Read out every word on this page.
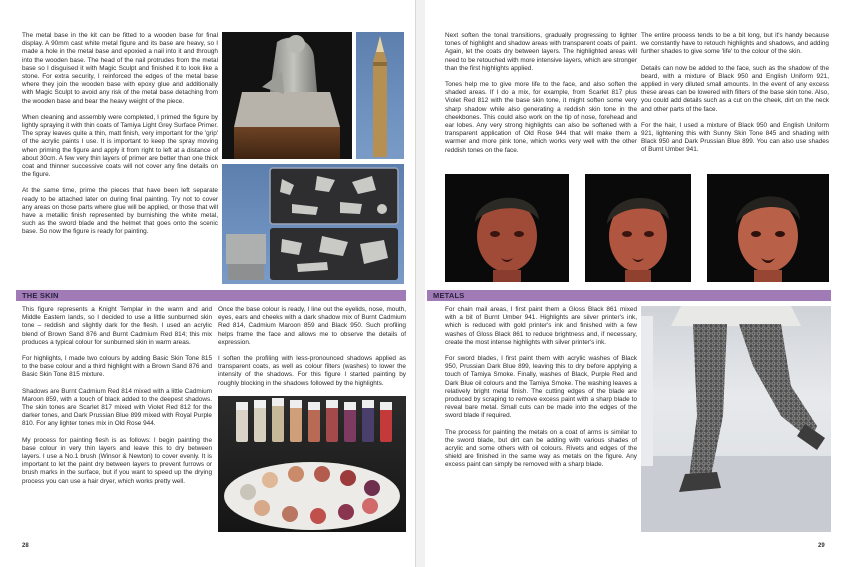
The metal base in the kit can be fitted to a wooden base for final display. A 90mm cast white metal figure and its base are heavy, so I made a hole in the metal base and epoxied a nail into it and through into the wooden base. The head of the nail protrudes from the metal base so I disguised it with Magic Sculpt and finished it to look like a stone. For extra security, I reinforced the edges of the metal base where they join the wooden base with epoxy glue and additionally with Magic Sculpt to avoid any risk of the metal base detaching from the wooden base and bear the heavy weight of the piece.

When cleaning and assembly were completed, I primed the figure by lightly spraying it with thin coats of Tamiya Light Grey Surface Primer. The spray leaves quite a thin, matt finish, very important for the 'grip' of the acrylic paints I use. It is important to keep the spray moving when priming the figure and apply it from right to left at a distance of about 30cm. A few very thin layers of primer are better than one thick coat and thinner successive coats will not cover any fine details on the figure.

At the same time, prime the pieces that have been left separate ready to be attached later on during final painting. Try not to cover any areas on those parts where glue will be applied, or those that will have a metallic finish represented by burnishing the white metal, such as the sword blade and the helmet that goes onto the scenic base. So now the figure is ready for painting.

THE SKIN

This figure represents a Knight Templar in the warm and arid Middle Eastern lands, so I decided to use a little sunburned skin tone – reddish and slightly dark for the flesh. I used an acrylic blend of Brown Sand 876 and Burnt Cadmium Red 814; this mix produces a typical colour for sunburned skin in warm areas.

For highlights, I made two colours by adding Basic Skin Tone 815 to the base colour and a third highlight with a Brown Sand 876 and Basic Skin Tone 815 mixture.

Shadows are Burnt Cadmium Red 814 mixed with a little Cadmium Maroon 859, with a touch of black added to the deepest shadows. The skin tones are Scarlet 817 mixed with Violet Red 812 for the darker tones, and Dark Prussian Blue 899 mixed with Royal Purple 810. For any lighter tones mix in Old Rose 944.

My process for painting flesh is as follows: I begin painting the base colour in very thin layers and leave this to dry between layers. I use a No.1 brush (Winsor & Newton) to cover evenly. It is important to let the paint dry between layers to prevent furrows or brush marks in the surface, but if you want to speed up the drying process you can use a hair dryer, which works pretty well.

Once the base colour is ready, I line out the eyelids, nose, mouth, eyes, ears and cheeks with a dark shadow mix of Burnt Cadmium Red 814, Cadmium Maroon 859 and Black 950. Such profiling helps frame the face and allows me to observe the details of expression.

I soften the profiling with less-pronounced shadows applied as transparent coats, as well as colour filters (washes) to lower the intensity of the shadows. For this figure I started painting by roughly blocking in the shadows followed by the highlights.

28

Next soften the tonal transitions, gradually progressing to lighter tones of highlight and shadow areas with transparent coats of paint. Again, let the coats dry between layers. The highlighted areas will need to be retouched with more intensive layers, which are stronger than the first highlights applied.

Tones help me to give more life to the face, and also soften the shaded areas. If I do a mix, for example, from Scarlet 817 plus Violet Red 812 with the base skin tone, it might soften some very sharp shadow while also generating a reddish skin tone in the cheekbones. This could also work on the tip of nose, forehead and ear lobes. Any very strong highlights can also be softened with a transparent application of Old Rose 944 that will make them a warmer and more pink tone, which works very well with the other reddish tones on the face.

The entire process tends to be a bit long, but it's handy because we constantly have to retouch highlights and shadows, and adding further shades to give some 'life' to the colour of the skin.

Details can now be added to the face, such as the shadow of the beard, with a mixture of Black 950 and English Uniform 921, applied in very diluted small amounts. In the event of any excess these areas can be lowered with filters of the base skin tone. Also, you could add details such as a cut on the cheek, dirt on the neck and other parts of the face.

For the hair, I used a mixture of Black 950 and English Uniform 921, lightening this with Sunny Skin Tone 845 and shading with Black 950 and Dark Prussian Blue 899. You can also use shades of Burnt Umber 941.

METALS

For chain mail areas, I first paint them a Gloss Black 861 mixed with a bit of Burnt Umber 941. Highlights are silver printer's ink, which is reduced with gold printer's ink and finished with a few washes of Gloss Black 861 to reduce brightness and, if necessary, create the most intense highlights with silver printer's ink.

For sword blades, I first paint them with acrylic washes of Black 950, Prussian Dark Blue 899, leaving this to dry before applying a touch of Tamiya Smoke. Finally, washes of Black, Purple Red and Dark Blue oil colours and the Tamiya Smoke. The washing leaves a relatively bright metal finish. The cutting edges of the blade are produced by scraping to remove excess paint with a sharp blade to reveal bare metal. Small cuts can be made into the edges of the sword blade if required.

The process for painting the metals on a coat of arms is similar to the sword blade, but dirt can be adding with various shades of acrylic and some others with oil colours. Rivets and edges of the shield are finished in the same way as metals on the figure. Any excess paint can simply be removed with a sharp blade.

29
